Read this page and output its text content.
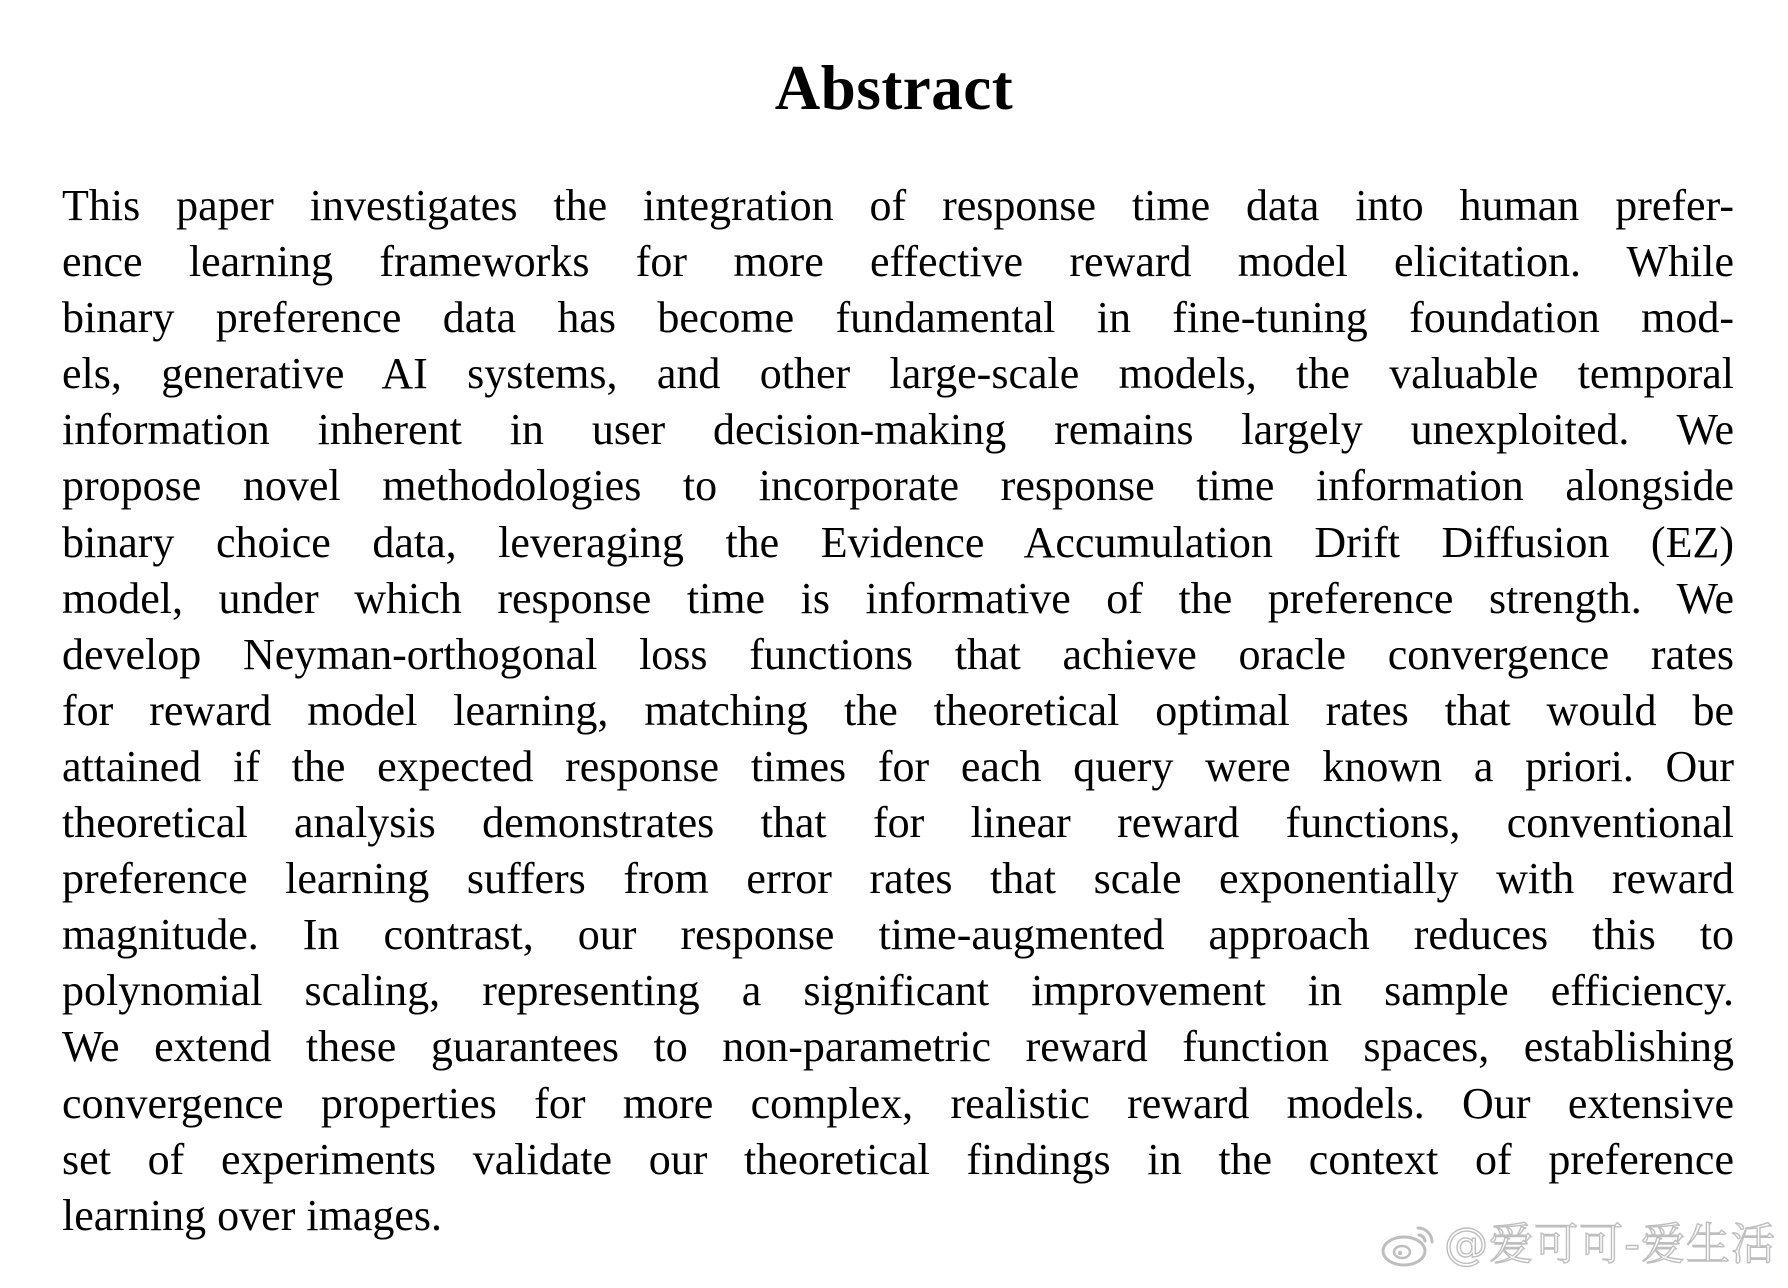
Abstract
This paper investigates the integration of response time data into human prefer-
ence learning frameworks for more effective reward model elicitation. While
binary preference data has become fundamental in fine-tuning foundation mod-
els, generative AI systems, and other large-scale models, the valuable temporal
information inherent in user decision-making remains largely unexploited. We
propose novel methodologies to incorporate response time information alongside
binary choice data, leveraging the Evidence Accumulation Drift Diffusion (EZ)
model, under which response time is informative of the preference strength. We
develop Neyman-orthogonal loss functions that achieve oracle convergence rates
for reward model learning, matching the theoretical optimal rates that would be
attained if the expected response times for each query were known a priori. Our
theoretical analysis demonstrates that for linear reward functions, conventional
preference learning suffers from error rates that scale exponentially with reward
magnitude. In contrast, our response time-augmented approach reduces this to
polynomial scaling, representing a significant improvement in sample efficiency.
We extend these guarantees to non-parametric reward function spaces, establishing
convergence properties for more complex, realistic reward models. Our extensive
set of experiments validate our theoretical findings in the context of preference
learning over images.
@爱可可-爱生活
